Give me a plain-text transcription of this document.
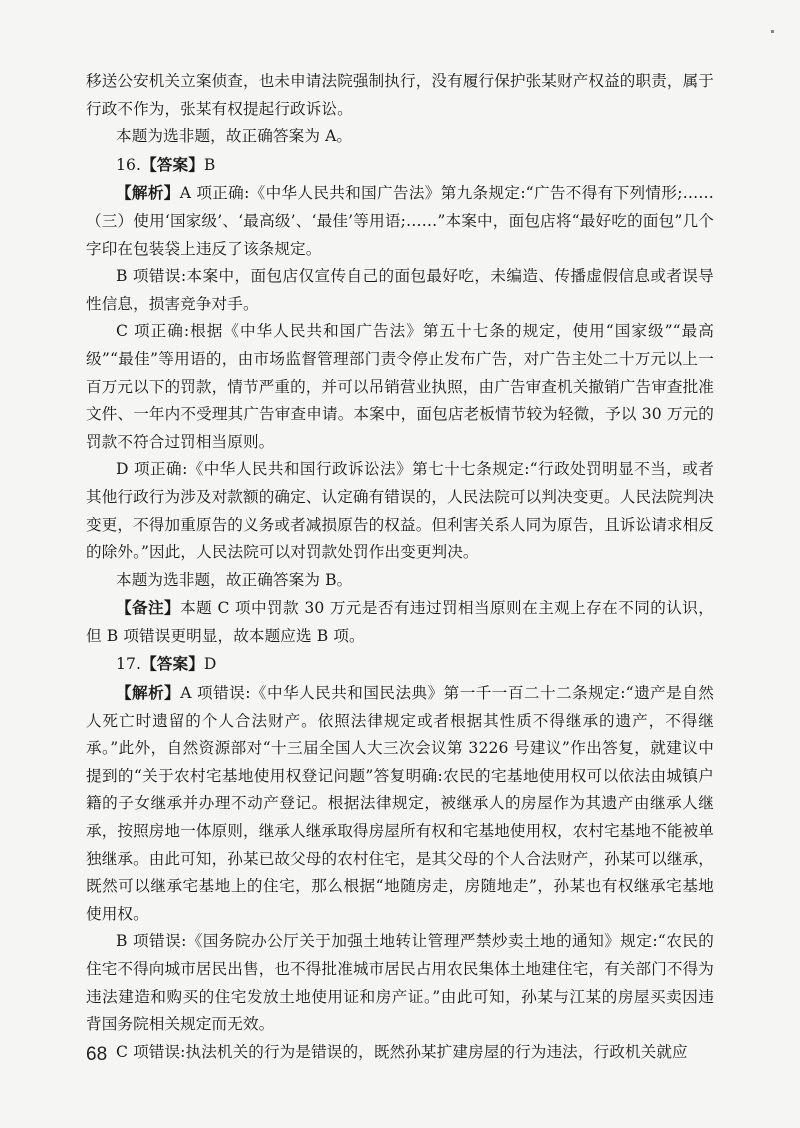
移送公安机关立案侦查，也未申请法院强制执行，没有履行保护张某财产权益的职责，属于行政不作为，张某有权提起行政诉讼。

本题为选非题，故正确答案为 A。

16.【答案】B

【解析】A 项正确:《中华人民共和国广告法》第九条规定:“广告不得有下列情形;……（三）使用‘国家级’、‘最高级’、‘最佳’等用语;……”本案中，面包店将“最好吃的面包”几个字印在包装袋上违反了该条规定。

B 项错误:本案中，面包店仅宣传自己的面包最好吃，未编造、传播虚假信息或者误导性信息，损害竞争对手。

C 项正确:根据《中华人民共和国广告法》第五十七条的规定，使用“国家级”“最高级”“最佳”等用语的，由市场监督管理部门责令停止发布广告，对广告主处二十万元以上一百万元以下的罚款，情节严重的，并可以吊销营业执照，由广告审查机关撤销广告审查批准文件、一年内不受理其广告审查申请。本案中，面包店老板情节较为轻微，予以 30 万元的罚款不符合过罚相当原则。

D 项正确:《中华人民共和国行政诉讼法》第七十七条规定:“行政处罚明显不当，或者其他行政行为涉及对款额的确定、认定确有错误的，人民法院可以判决变更。人民法院判决变更，不得加重原告的义务或者减损原告的权益。但利害关系人同为原告，且诉讼请求相反的除外。”因此，人民法院可以对罚款处罚作出变更判决。

本题为选非题，故正确答案为 B。

【备注】本题 C 项中罚款 30 万元是否有违过罚相当原则在主观上存在不同的认识，但 B 项错误更明显，故本题应选 B 项。

17.【答案】D

【解析】A 项错误:《中华人民共和国民法典》第一千一百二十二条规定:“遗产是自然人死亡时遗留的个人合法财产。依照法律规定或者根据其性质不得继承的遗产，不得继承。”此外，自然资源部对“十三届全国人大三次会议第 3226 号建议”作出答复，就建议中提到的“关于农村宅基地使用权登记问题”答复明确:农民的宅基地使用权可以依法由城镇户籍的子女继承并办理不动产登记。根据法律规定，被继承人的房屋作为其遗产由继承人继承，按照房地一体原则，继承人继承取得房屋所有权和宅基地使用权，农村宅基地不能被单独继承。由此可知，孙某已故父母的农村住宅，是其父母的个人合法财产，孙某可以继承，既然可以继承宅基地上的住宅，那么根据“地随房走，房随地走”，孙某也有权继承宅基地使用权。

B 项错误:《国务院办公厅关于加强土地转让管理严禁炒卖土地的通知》规定:“农民的住宅不得向城市居民出售，也不得批准城市居民占用农民集体土地建住宅，有关部门不得为违法建造和购买的住宅发放土地使用证和房产证。”由此可知，孙某与江某的房屋买卖因违背国务院相关规定而无效。

C 项错误:执法机关的行为是错误的，既然孙某扩建房屋的行为违法，行政机关就应

68
